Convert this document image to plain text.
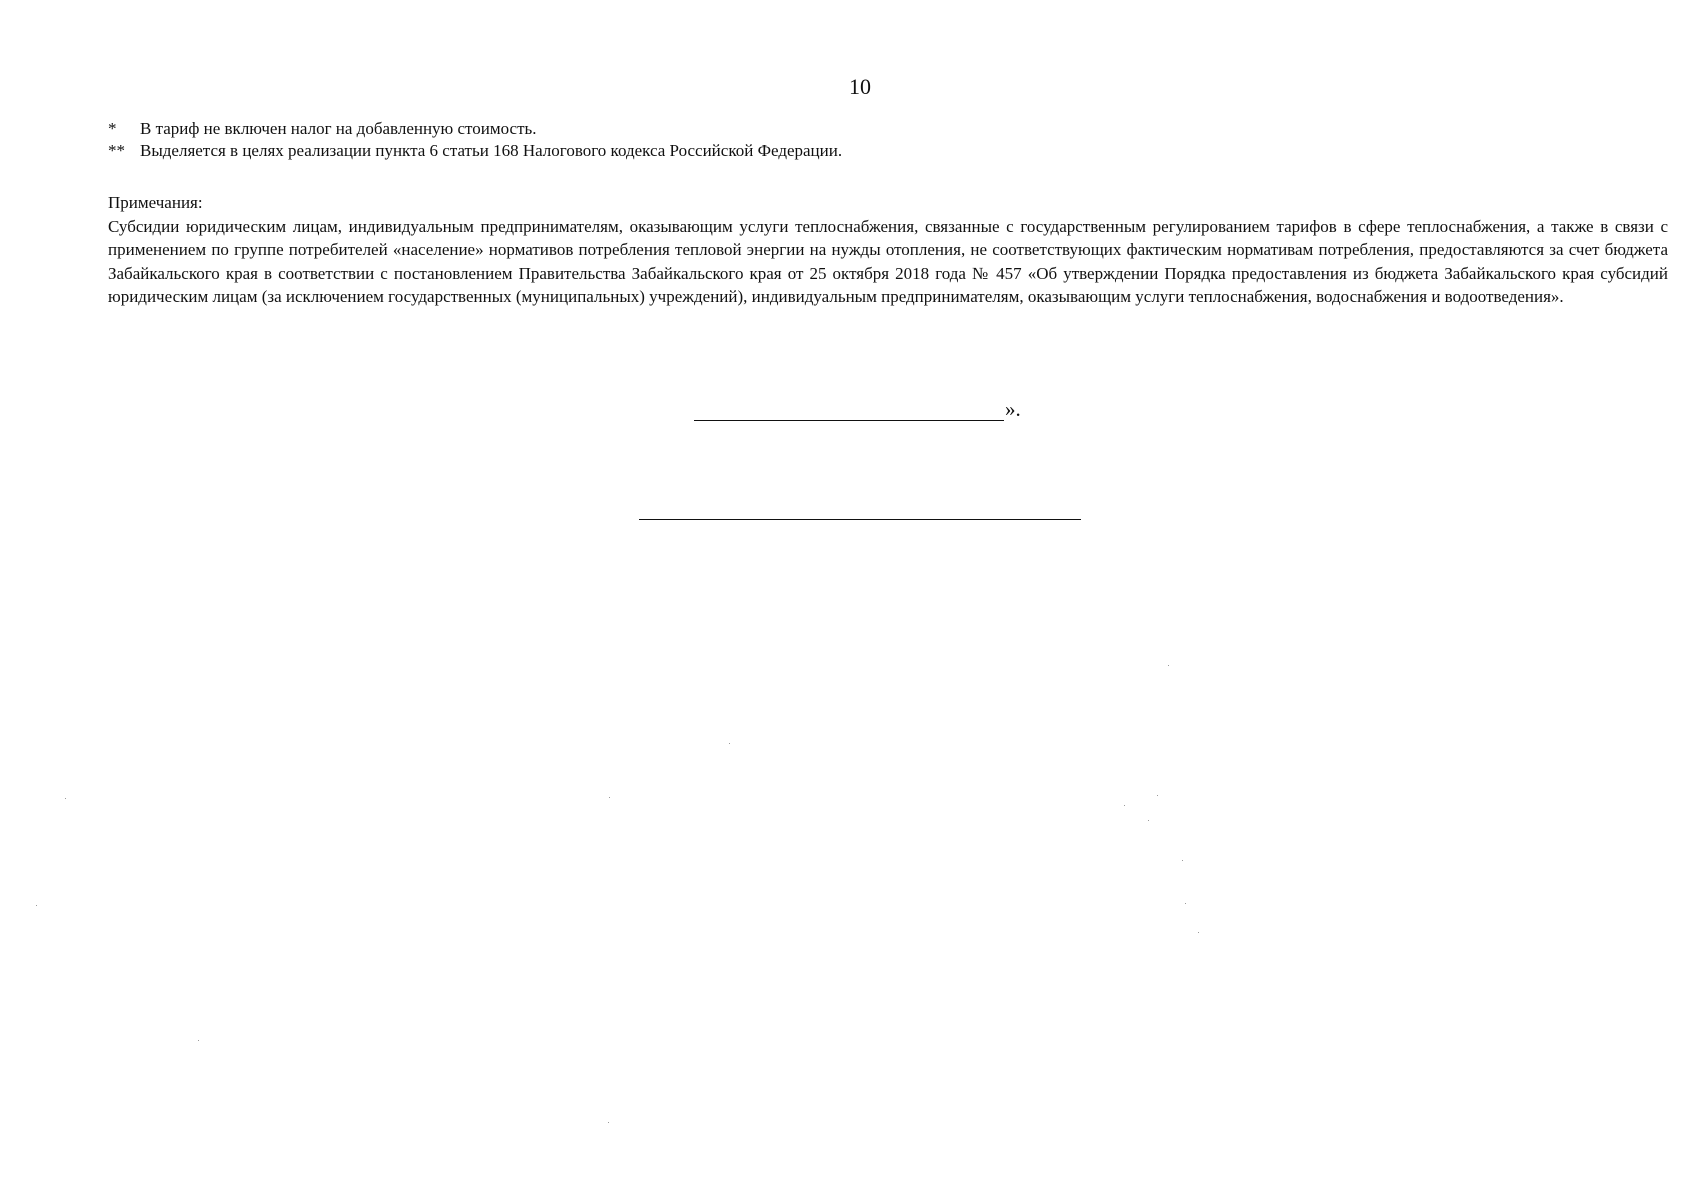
10
*	В тариф не включен налог на добавленную стоимость.
** Выделяется в целях реализации пункта 6 статьи 168 Налогового кодекса Российской Федерации.

Примечания:

Субсидии юридическим лицам, индивидуальным предпринимателям, оказывающим услуги теплоснабжения, связанные с государственным регулированием тарифов в сфере теплоснабжения, а также в связи с применением по группе потребителей «население» нормативов потребления тепловой энергии на нужды отопления, не соответствующих фактическим нормативам потребления, предоставляются за счет бюджета Забайкальского края в соответствии с постановлением Правительства Забайкальского края от 25 октября 2018 года № 457 «Об утверждении Порядка предоставления из бюджета Забайкальского края субсидий юридическим лицам (за исключением государственных (муниципальных) учреждений), индивидуальным предпринимателям, оказывающим услуги теплоснабжения, водоснабжения и водоотведения».

».
